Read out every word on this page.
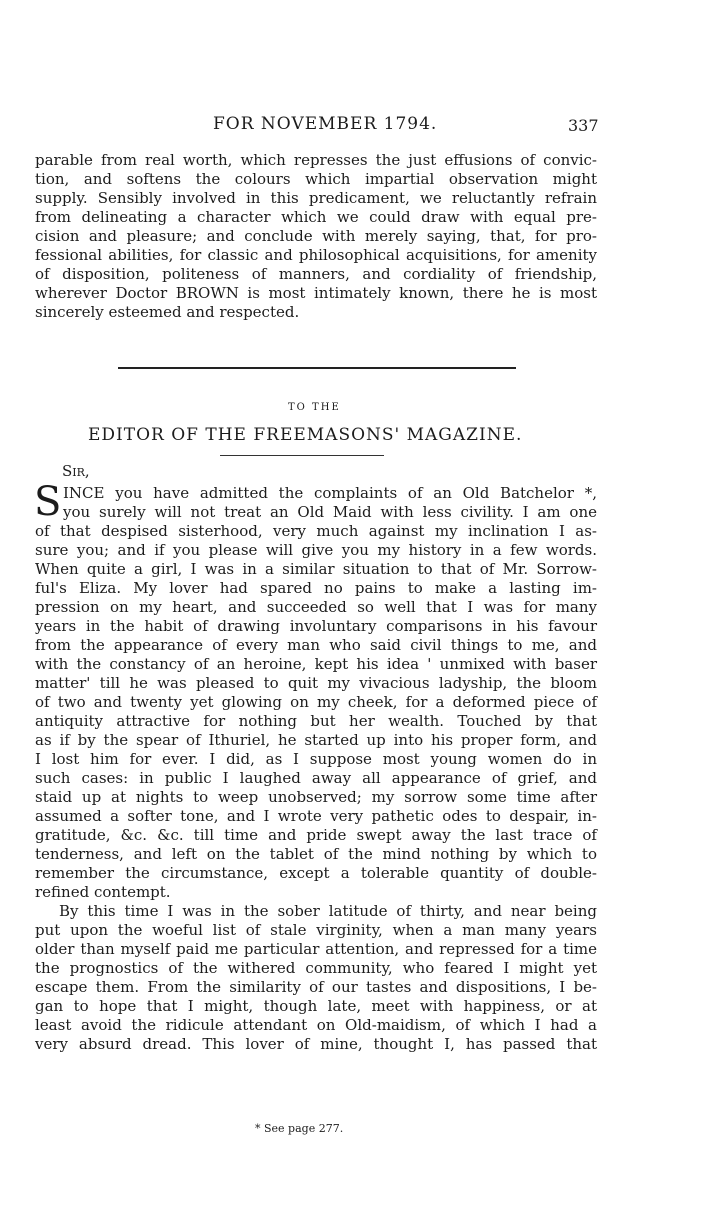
FOR NOVEMBER 1794.	337
parable from real worth, which represses the just effusions of convic-
tion, and softens the colours which impartial observation might
supply. Sensibly involved in this predicament, we reluctantly refrain
from delineating a character which we could draw with equal pre-
cision and pleasure; and conclude with merely saying, that, for pro-
fessional abilities, for classic and philosophical acquisitions, for amenity
of disposition, politeness of manners, and cordiality of friendship,
wherever Doctor BROWN is most intimately known, there he is most
sincerely esteemed and respected.
TO THE
EDITOR OF THE FREEMASONS' MAGAZINE.
Sir,
S INCE you have admitted the complaints of an Old Batchelor *,
you surely will not treat an Old Maid with less civility. I am one
of that despised sisterhood, very much against my inclination I as-
sure you; and if you please will give you my history in a few words.
When quite a girl, I was in a similar situation to that of Mr. Sorrow-
ful's Eliza. My lover had spared no pains to make a lasting im-
pression on my heart, and succeeded so well that I was for many
years in the habit of drawing involuntary comparisons in his favour
from the appearance of every man who said civil things to me, and
with the constancy of an heroine, kept his idea ' unmixed with baser
matter' till he was pleased to quit my vivacious ladyship, the bloom
of two and twenty yet glowing on my cheek, for a deformed piece of
antiquity attractive for nothing but her wealth. Touched by that
as if by the spear of Ithuriel, he started up into his proper form, and
I lost him for ever. I did, as I suppose most young women do in
such cases: in public I laughed away all appearance of grief, and
staid up at nights to weep unobserved; my sorrow some time after
assumed a softer tone, and I wrote very pathetic odes to despair, in-
gratitude, &c. &c. till time and pride swept away the last trace of
tenderness, and left on the tablet of the mind nothing by which to
remember the circumstance, except a tolerable quantity of double-
refined contempt.
By this time I was in the sober latitude of thirty, and near being
put upon the woeful list of stale virginity, when a man many years
older than myself paid me particular attention, and repressed for a time
the prognostics of the withered community, who feared I might yet
escape them. From the similarity of our tastes and dispositions, I be-
gan to hope that I might, though late, meet with happiness, or at
least avoid the ridicule attendant on Old-maidism, of which I had a
very absurd dread. This lover of mine, thought I, has passed that
* See page 277.
